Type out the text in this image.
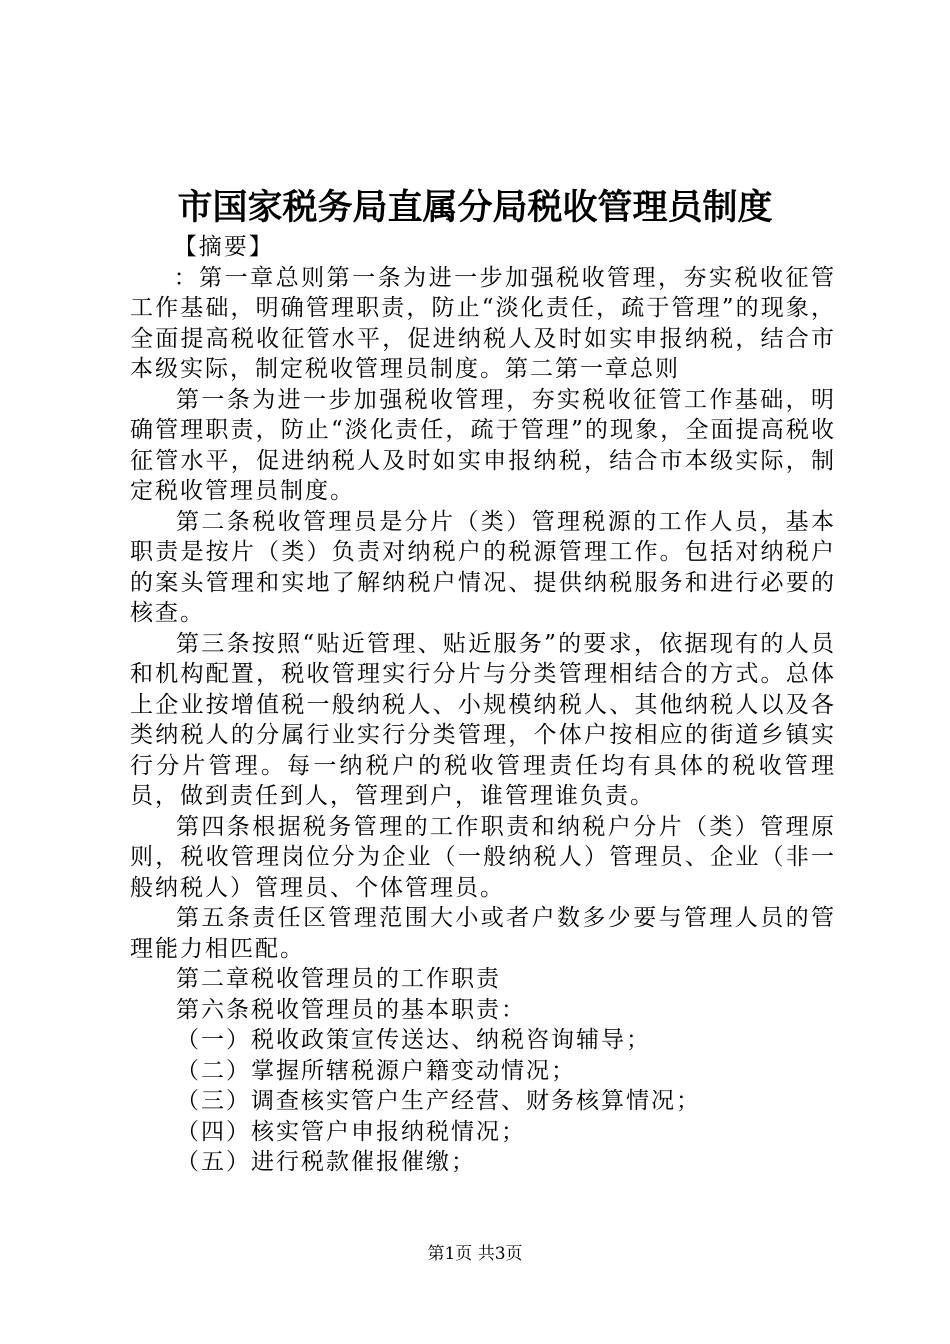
市国家税务局直属分局税收管理员制度

【摘要】

：第一章总则第一条为进一步加强税收管理，夯实税收征管工作基础，明确管理职责，防止“淡化责任，疏于管理”的现象，全面提高税收征管水平，促进纳税人及时如实申报纳税，结合市本级实际，制定税收管理员制度。第二第一章总则

第一条为进一步加强税收管理，夯实税收征管工作基础，明确管理职责，防止“淡化责任，疏于管理”的现象，全面提高税收征管水平，促进纳税人及时如实申报纳税，结合市本级实际，制定税收管理员制度。

第二条税收管理员是分片（类）管理税源的工作人员，基本职责是按片（类）负责对纳税户的税源管理工作。包括对纳税户的案头管理和实地了解纳税户情况、提供纳税服务和进行必要的核查。

第三条按照“贴近管理、贴近服务”的要求，依据现有的人员和机构配置，税收管理实行分片与分类管理相结合的方式。总体上企业按增值税一般纳税人、小规模纳税人、其他纳税人以及各类纳税人的分属行业实行分类管理，个体户按相应的街道乡镇实行分片管理。每一纳税户的税收管理责任均有具体的税收管理员，做到责任到人，管理到户，谁管理谁负责。

第四条根据税务管理的工作职责和纳税户分片（类）管理原则，税收管理岗位分为企业（一般纳税人）管理员、企业（非一般纳税人）管理员、个体管理员。

第五条责任区管理范围大小或者户数多少要与管理人员的管理能力相匹配。

第二章税收管理员的工作职责

第六条税收管理员的基本职责：

（一）税收政策宣传送达、纳税咨询辅导；

（二）掌握所辖税源户籍变动情况；

（三）调查核实管户生产经营、财务核算情况；

（四）核实管户申报纳税情况；

（五）进行税款催报催缴；

第1页 共3页
